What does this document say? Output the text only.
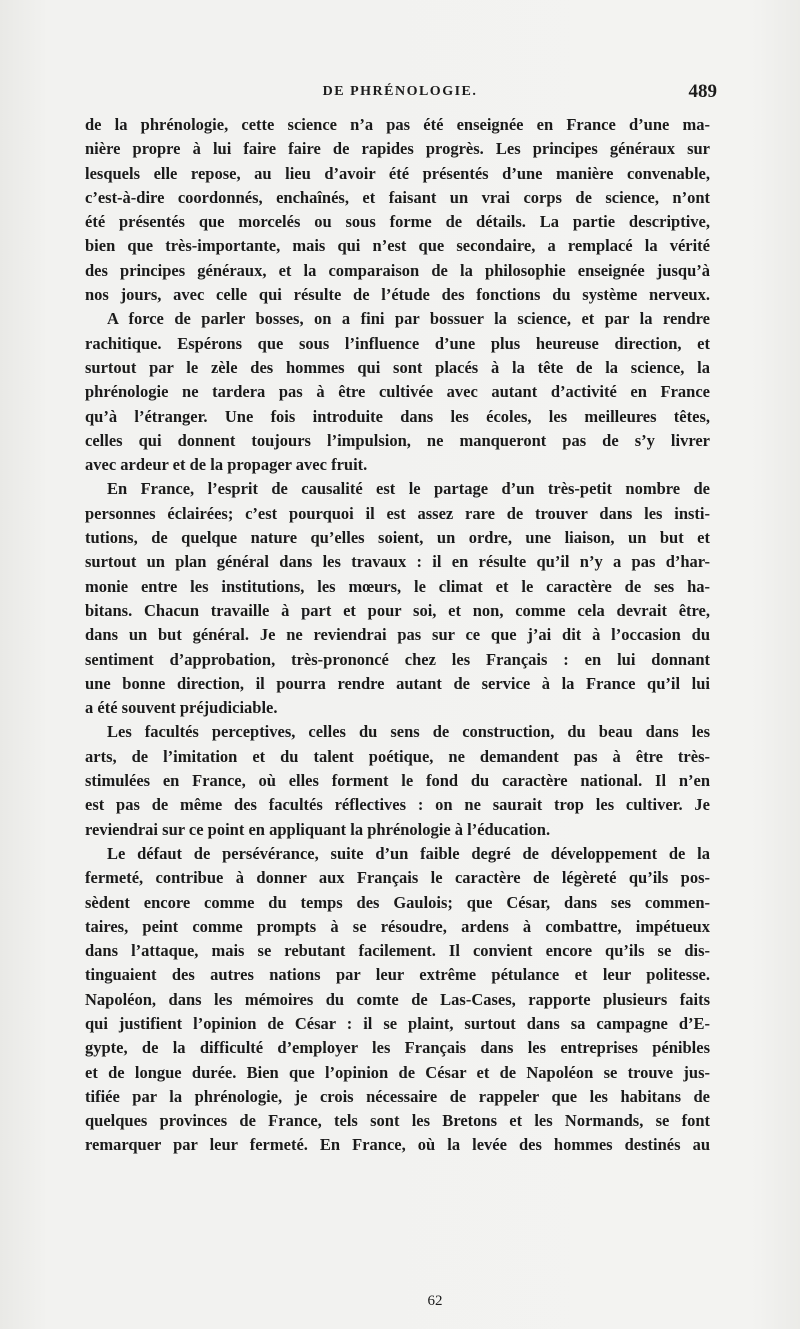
DE PHRÉNOLOGIE.	489
de la phrénologie, cette science n’a pas été enseignée en France d’une ma-
nière propre à lui faire faire de rapides progrès. Les principes généraux sur
lesquels elle repose, au lieu d’avoir été présentés d’une manière convenable,
c’est-à-dire coordonnés, enchaînés, et faisant un vrai corps de science, n’ont
été présentés que morcelés ou sous forme de détails. La partie descriptive,
bien que très-importante, mais qui n’est que secondaire, a remplacé la vérité
des principes généraux, et la comparaison de la philosophie enseignée jusqu’à
nos jours, avec celle qui résulte de l’étude des fonctions du système nerveux.
A force de parler bosses, on a fini par bossuer la science, et par la rendre
rachitique. Espérons que sous l’influence d’une plus heureuse direction, et
surtout par le zèle des hommes qui sont placés à la tête de la science, la
phrénologie ne tardera pas à être cultivée avec autant d’activité en France
qu’à l’étranger. Une fois introduite dans les écoles, les meilleures têtes,
celles qui donnent toujours l’impulsion, ne manqueront pas de s’y livrer
avec ardeur et de la propager avec fruit.
En France, l’esprit de causalité est le partage d’un très-petit nombre de
personnes éclairées; c’est pourquoi il est assez rare de trouver dans les insti-
tutions, de quelque nature qu’elles soient, un ordre, une liaison, un but et
surtout un plan général dans les travaux : il en résulte qu’il n’y a pas d’har-
monie entre les institutions, les mœurs, le climat et le caractère de ses ha-
bitans. Chacun travaille à part et pour soi, et non, comme cela devrait être,
dans un but général. Je ne reviendrai pas sur ce que j’ai dit à l’occasion du
sentiment d’approbation, très-prononcé chez les Français : en lui donnant
une bonne direction, il pourra rendre autant de service à la France qu’il lui
a été souvent préjudiciable.
Les facultés perceptives, celles du sens de construction, du beau dans les
arts, de l’imitation et du talent poétique, ne demandent pas à être très-
stimulées en France, où elles forment le fond du caractère national. Il n’en
est pas de même des facultés réflectives : on ne saurait trop les cultiver. Je
reviendrai sur ce point en appliquant la phrénologie à l’éducation.
Le défaut de persévérance, suite d’un faible degré de développement de la
fermeté, contribue à donner aux Français le caractère de légèreté qu’ils pos-
sèdent encore comme du temps des Gaulois; que César, dans ses commen-
taires, peint comme prompts à se résoudre, ardens à combattre, impétueux
dans l’attaque, mais se rebutant facilement. Il convient encore qu’ils se dis-
tinguaient des autres nations par leur extrême pétulance et leur politesse.
Napoléon, dans les mémoires du comte de Las-Cases, rapporte plusieurs faits
qui justifient l’opinion de César : il se plaint, surtout dans sa campagne d’E-
gypte, de la difficulté d’employer les Français dans les entreprises pénibles
et de longue durée. Bien que l’opinion de César et de Napoléon se trouve jus-
tifiée par la phrénologie, je crois nécessaire de rappeler que les habitans de
quelques provinces de France, tels sont les Bretons et les Normands, se font
remarquer par leur fermeté. En France, où la levée des hommes destinés au
62
